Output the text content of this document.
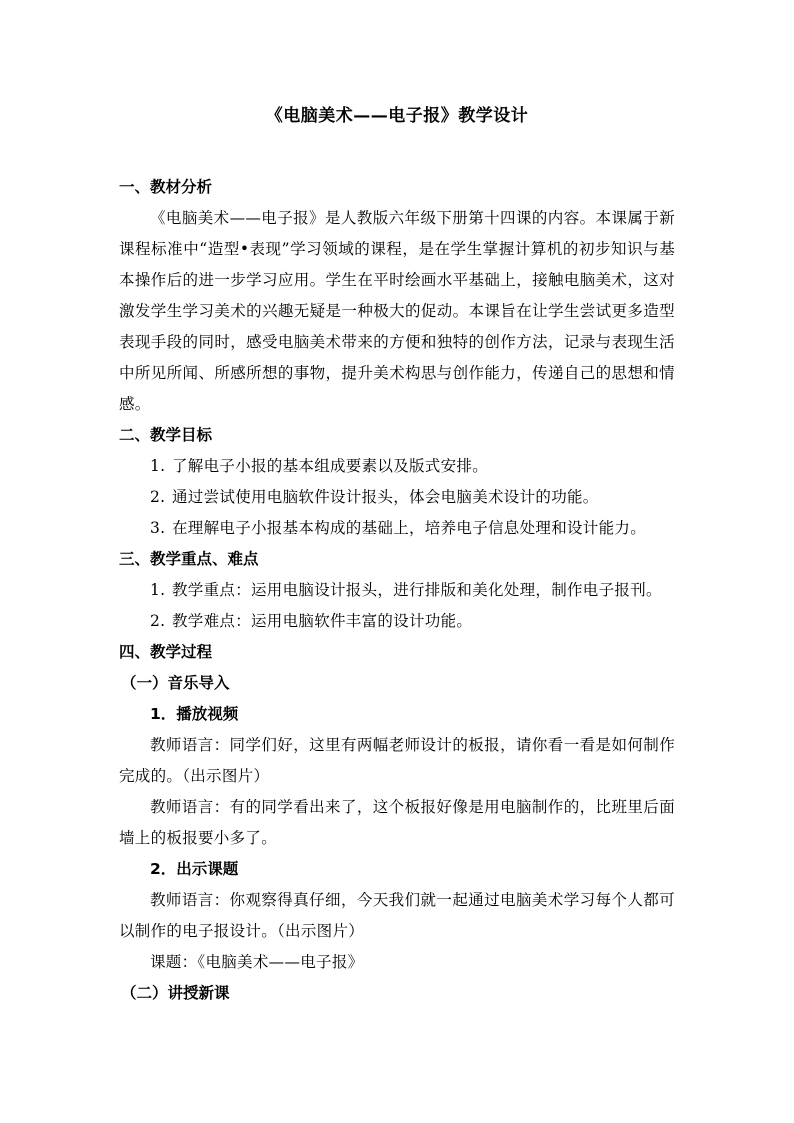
《电脑美术——电子报》教学设计
一、教材分析
《电脑美术——电子报》是人教版六年级下册第十四课的内容。本课属于新课程标准中“造型•表现”学习领域的课程，是在学生掌握计算机的初步知识与基本操作后的进一步学习应用。学生在平时绘画水平基础上，接触电脑美术，这对激发学生学习美术的兴趣无疑是一种极大的促动。本课旨在让学生尝试更多造型表现手段的同时，感受电脑美术带来的方便和独特的创作方法，记录与表现生活中所见所闻、所感所想的事物，提升美术构思与创作能力，传递自己的思想和情感。
二、教学目标
1. 了解电子小报的基本组成要素以及版式安排。
2. 通过尝试使用电脑软件设计报头，体会电脑美术设计的功能。
3. 在理解电子小报基本构成的基础上，培养电子信息处理和设计能力。
三、教学重点、难点
1. 教学重点：运用电脑设计报头，进行排版和美化处理，制作电子报刊。
2. 教学难点：运用电脑软件丰富的设计功能。
四、教学过程
（一）音乐导入
1．播放视频
教师语言：同学们好，这里有两幅老师设计的板报，请你看一看是如何制作完成的。（出示图片）
教师语言：有的同学看出来了，这个板报好像是用电脑制作的，比班里后面墙上的板报要小多了。
2．出示课题
教师语言：你观察得真仔细，今天我们就一起通过电脑美术学习每个人都可以制作的电子报设计。（出示图片）
课题：《电脑美术——电子报》
（二）讲授新课
